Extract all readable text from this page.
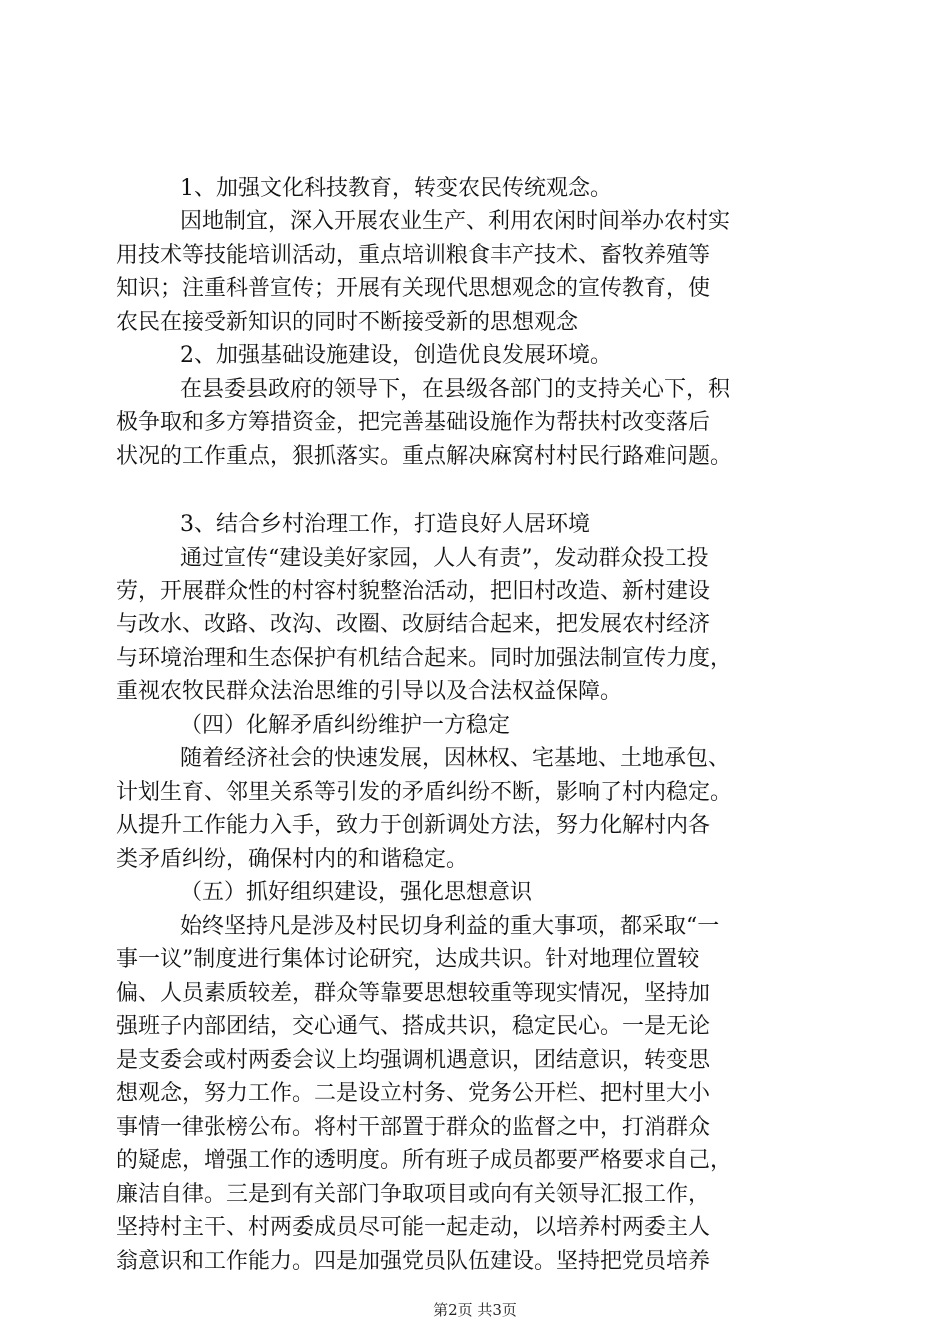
1、加强文化科技教育，转变农民传统观念。
因地制宜，深入开展农业生产、利用农闲时间举办农村实
用技术等技能培训活动，重点培训粮食丰产技术、畜牧养殖等
知识；注重科普宣传；开展有关现代思想观念的宣传教育，使
农民在接受新知识的同时不断接受新的思想观念
2、加强基础设施建设，创造优良发展环境。
在县委县政府的领导下，在县级各部门的支持关心下，积
极争取和多方筹措资金，把完善基础设施作为帮扶村改变落后
状况的工作重点，狠抓落实。重点解决麻窝村村民行路难问题。
3、结合乡村治理工作，打造良好人居环境
通过宣传“建设美好家园，人人有责”，发动群众投工投
劳，开展群众性的村容村貌整治活动，把旧村改造、新村建设
与改水、改路、改沟、改圈、改厨结合起来，把发展农村经济
与环境治理和生态保护有机结合起来。同时加强法制宣传力度，
重视农牧民群众法治思维的引导以及合法权益保障。
（四）化解矛盾纠纷维护一方稳定
随着经济社会的快速发展，因林权、宅基地、土地承包、
计划生育、邻里关系等引发的矛盾纠纷不断，影响了村内稳定。
从提升工作能力入手，致力于创新调处方法，努力化解村内各
类矛盾纠纷，确保村内的和谐稳定。
（五）抓好组织建设，强化思想意识
始终坚持凡是涉及村民切身利益的重大事项，都采取“一
事一议”制度进行集体讨论研究，达成共识。针对地理位置较
偏、人员素质较差，群众等靠要思想较重等现实情况，坚持加
强班子内部团结，交心通气、搭成共识，稳定民心。一是无论
是支委会或村两委会议上均强调机遇意识，团结意识，转变思
想观念，努力工作。二是设立村务、党务公开栏、把村里大小
事情一律张榜公布。将村干部置于群众的监督之中，打消群众
的疑虑，增强工作的透明度。所有班子成员都要严格要求自己，
廉洁自律。三是到有关部门争取项目或向有关领导汇报工作，
坚持村主干、村两委成员尽可能一起走动，以培养村两委主人
翁意识和工作能力。四是加强党员队伍建设。坚持把党员培养
第2页 共3页
